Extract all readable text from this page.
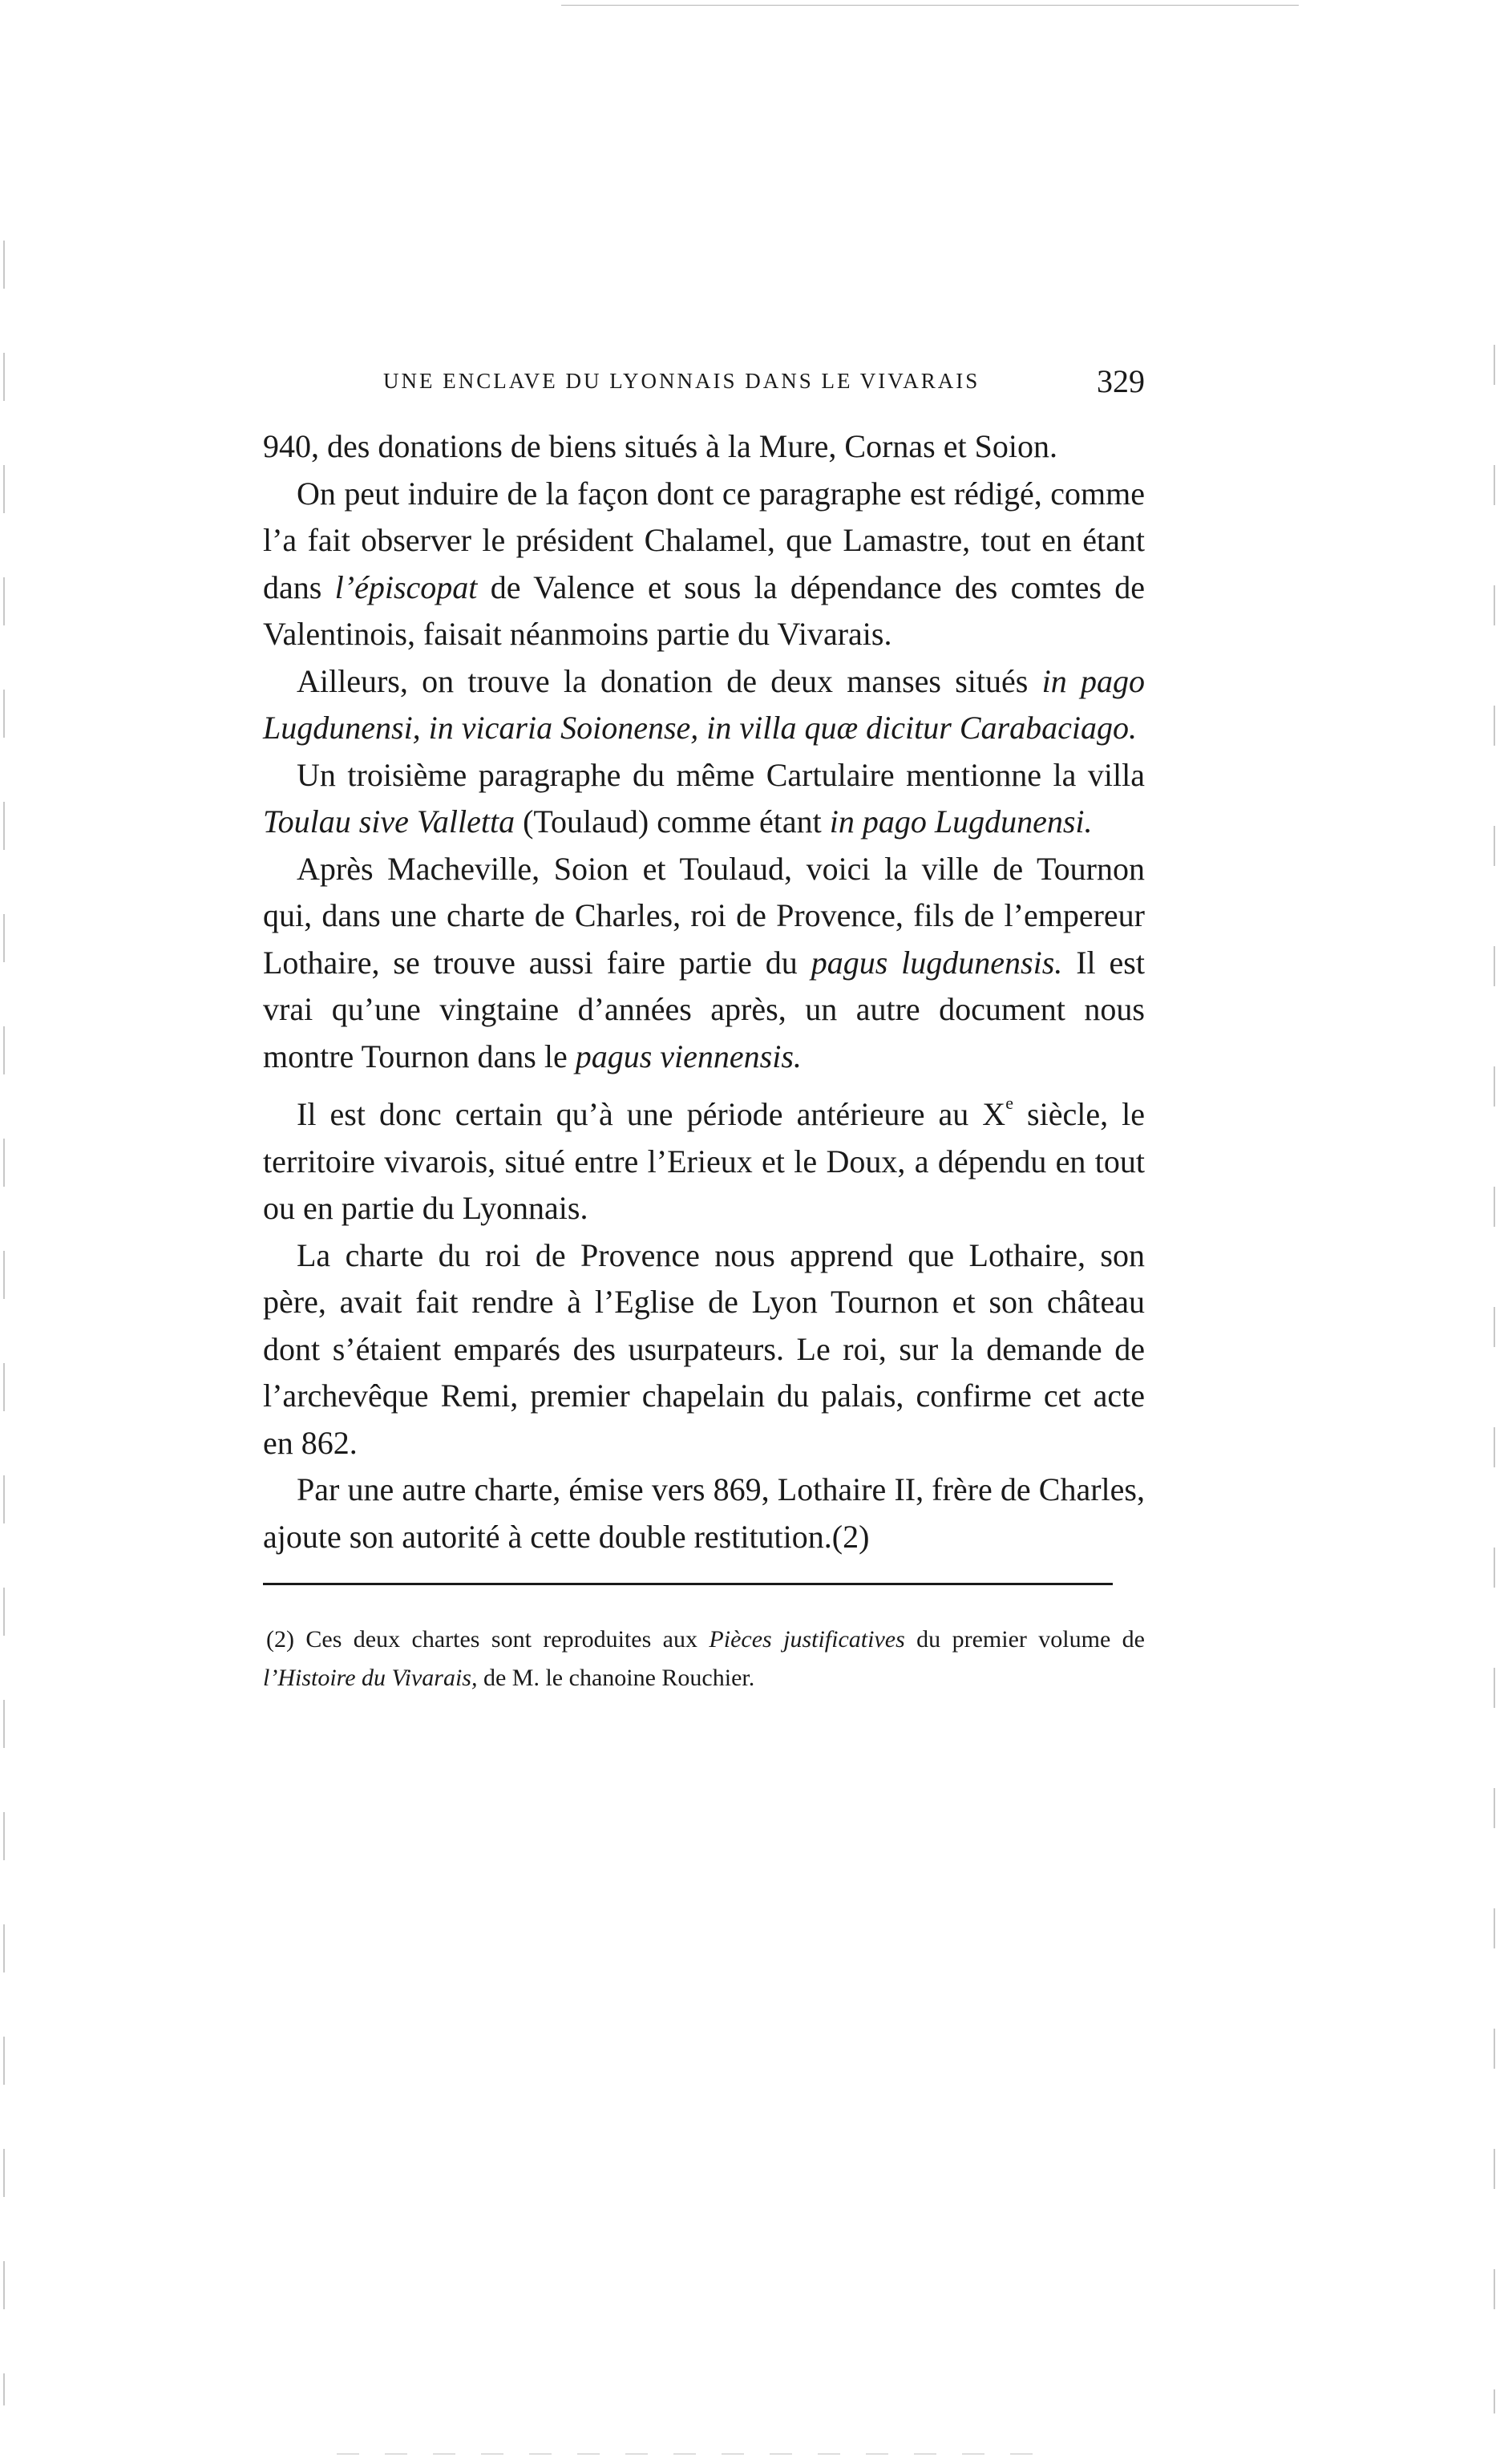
UNE ENCLAVE DU LYONNAIS DANS LE VIVARAIS	329

940, des donations de biens situés à la Mure, Cornas et Soion.

On peut induire de la façon dont ce paragraphe est rédigé, comme l’a fait observer le président Chalamel, que Lamastre, tout en étant dans l’épiscopat de Valence et sous la dépendance des comtes de Valentinois, faisait néanmoins partie du Vivarais.

Ailleurs, on trouve la donation de deux manses situés in pago Lugdunensi, in vicaria Soionense, in villa quæ dicitur Carabaciago.

Un troisième paragraphe du même Cartulaire mentionne la villa Toulau sive Valletta (Toulaud) comme étant in pago Lugdunensi.

Après Macheville, Soion et Toulaud, voici la ville de Tournon qui, dans une charte de Charles, roi de Provence, fils de l’empereur Lothaire, se trouve aussi faire partie du pagus lugdunensis. Il est vrai qu’une vingtaine d’années après, un autre document nous montre Tournon dans le pagus viennensis.

Il est donc certain qu’à une période antérieure au Xe siècle, le territoire vivarois, situé entre l’Erieux et le Doux, a dépendu en tout ou en partie du Lyonnais.

La charte du roi de Provence nous apprend que Lothaire, son père, avait fait rendre à l’Eglise de Lyon Tournon et son château dont s’étaient emparés des usurpateurs. Le roi, sur la demande de l’archevêque Remi, premier chapelain du palais, confirme cet acte en 862.

Par une autre charte, émise vers 869, Lothaire II, frère de Charles, ajoute son autorité à cette double restitution.(2)

(2) Ces deux chartes sont reproduites aux Pièces justificatives du premier volume de l’Histoire du Vivarais, de M. le chanoine Rouchier.
